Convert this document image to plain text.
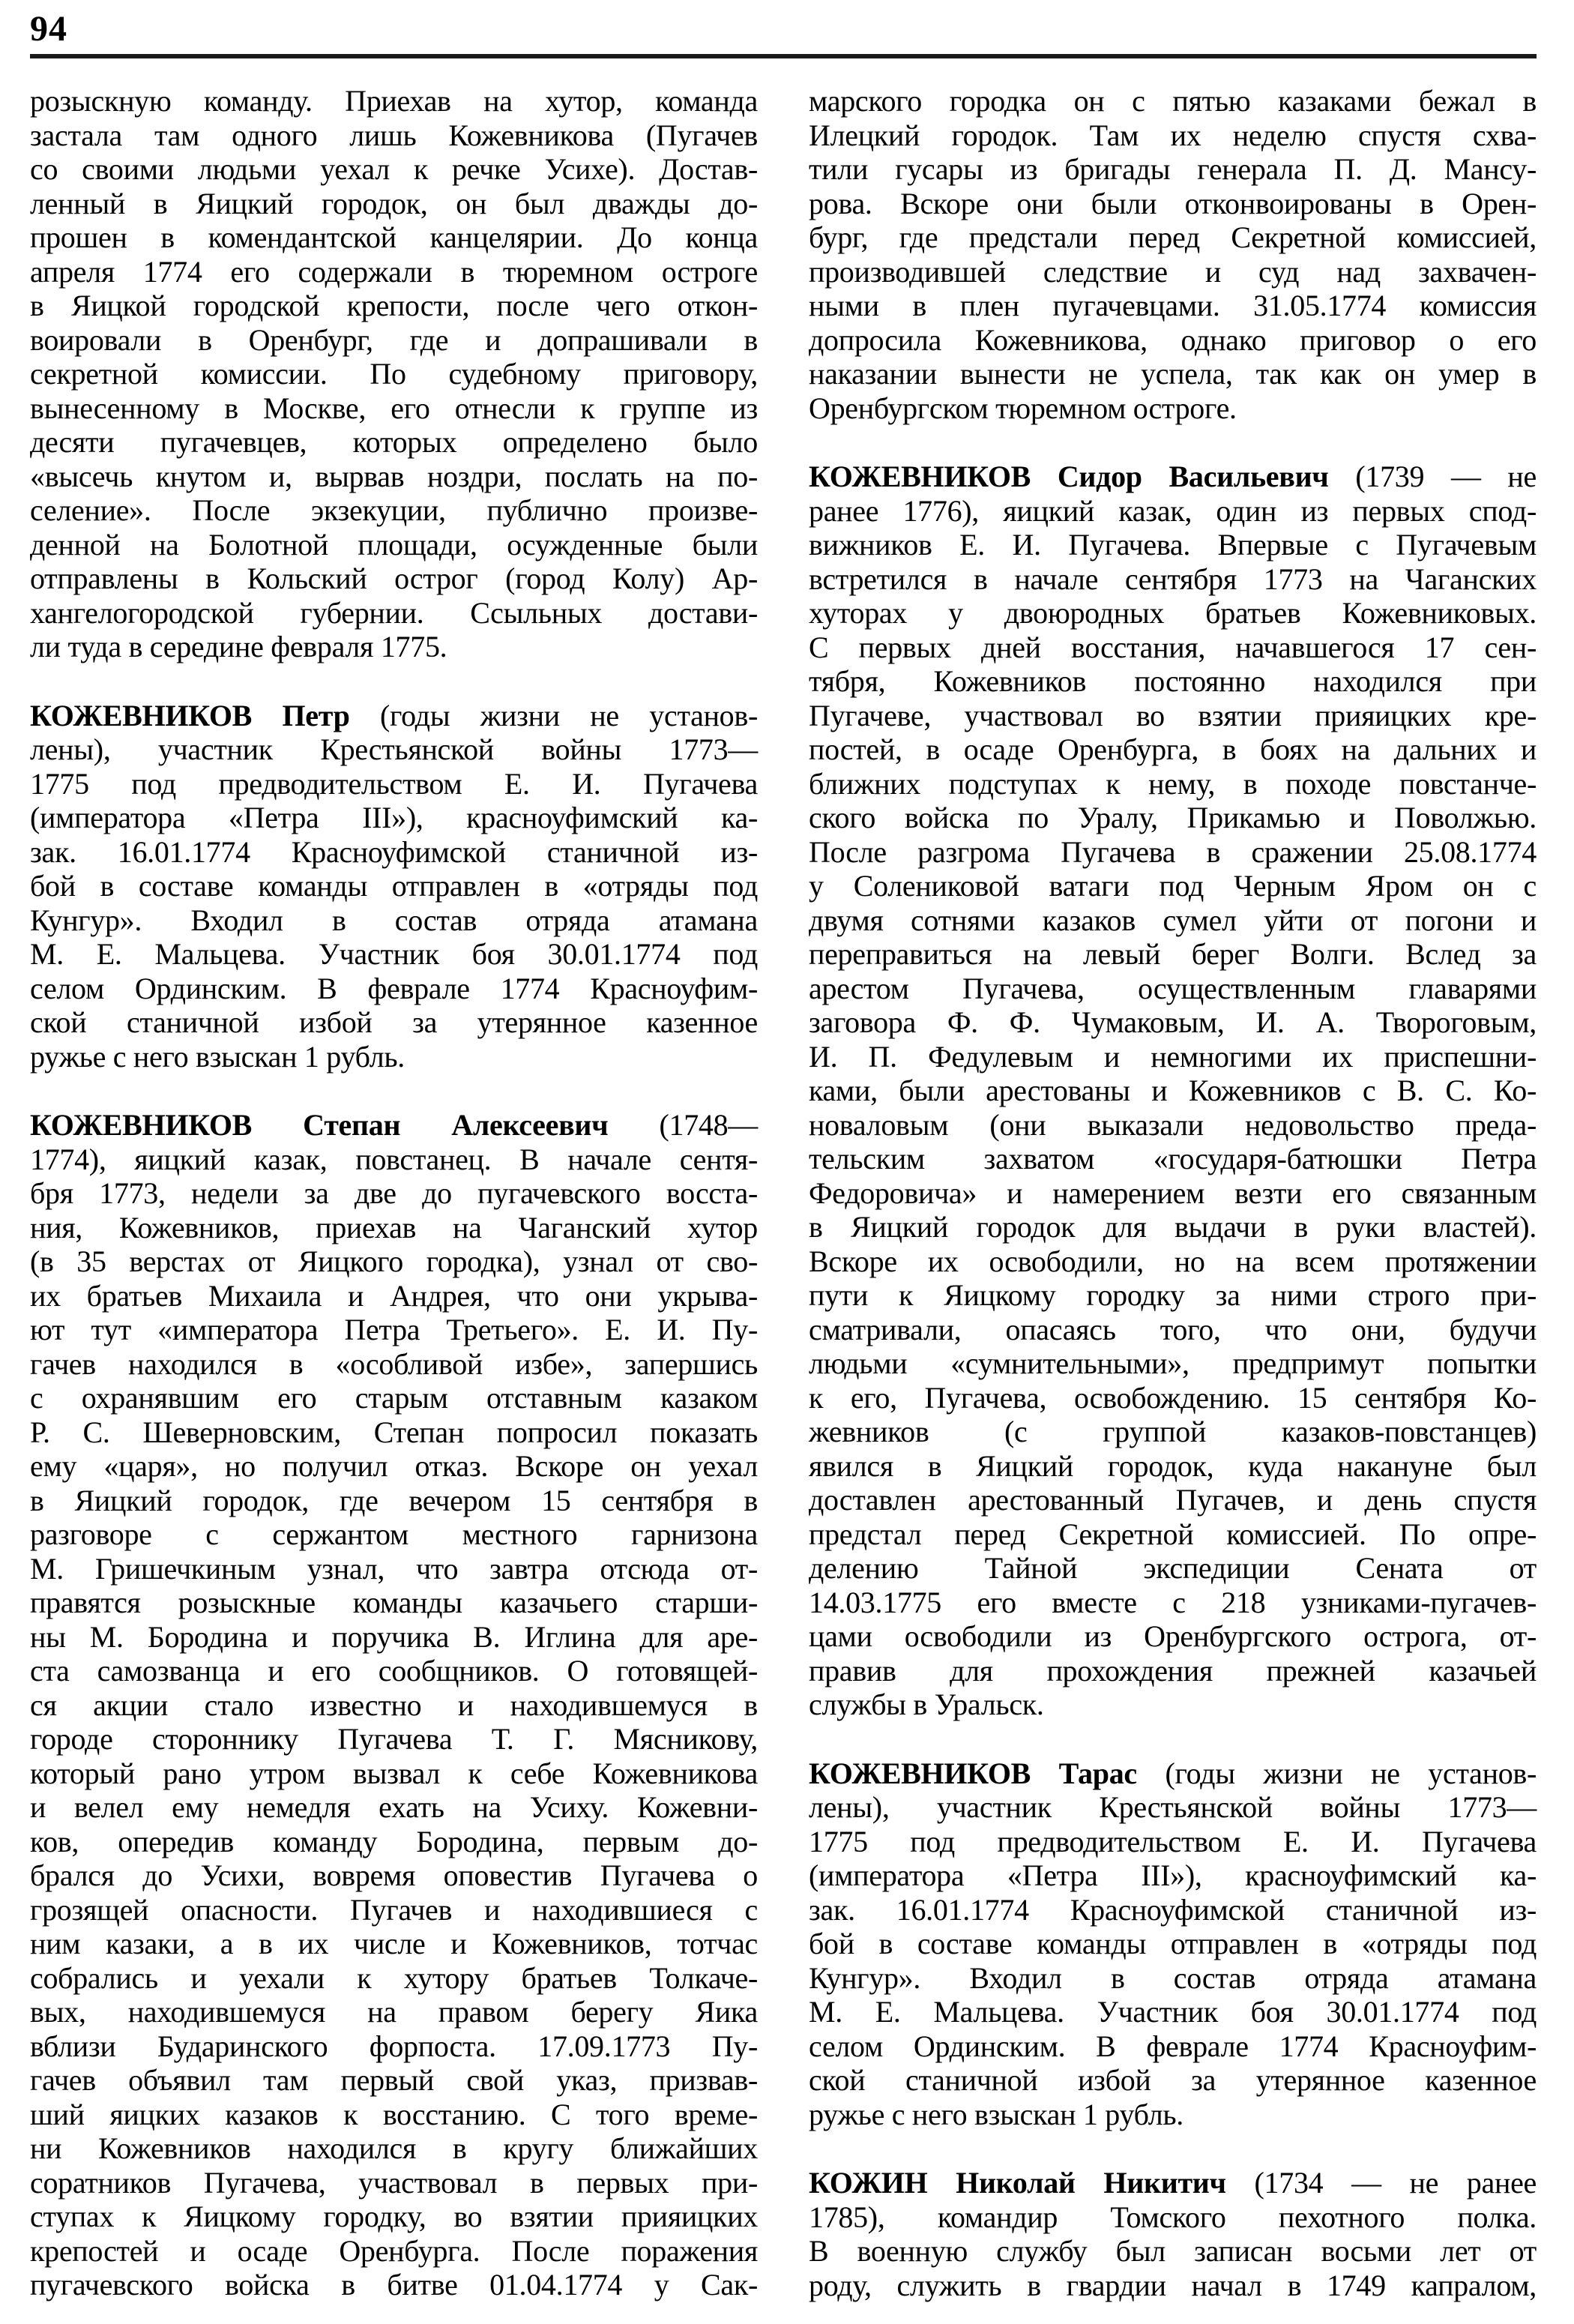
94
розыскную команду. Приехав на хутор, команда
застала там одного лишь Кожевникова (Пугачев
со своими людьми уехал к речке Усихе). Достав-
ленный в Яицкий городок, он был дважды до-
прошен в комендантской канцелярии. До конца
апреля 1774 его содержали в тюремном остроге
в Яицкой городской крепости, после чего откон-
воировали в Оренбург, где и допрашивали в
секретной комиссии. По судебному приговору,
вынесенному в Москве, его отнесли к группе из
десяти пугачевцев, которых определено было
«высечь кнутом и, вырвав ноздри, послать на по-
селение». После экзекуции, публично произве-
денной на Болотной площади, осужденные были
отправлены в Кольский острог (город Колу) Ар-
хангелогородской губернии. Ссыльных достави-
ли туда в середине февраля 1775.
КОЖЕВНИКОВ Петр (годы жизни не установ-
лены), участник Крестьянской войны 1773—
1775 под предводительством Е. И. Пугачева
(императора «Петра III»), красноуфимский ка-
зак. 16.01.1774 Красноуфимской станичной из-
бой в составе команды отправлен в «отряды под
Кунгур». Входил в состав отряда атамана
М. Е. Мальцева. Участник боя 30.01.1774 под
селом Ординским. В феврале 1774 Красноуфим-
ской станичной избой за утерянное казенное
ружье с него взыскан 1 рубль.
КОЖЕВНИКОВ Степан Алексеевич (1748—
1774), яицкий казак, повстанец. В начале сентя-
бря 1773, недели за две до пугачевского восста-
ния, Кожевников, приехав на Чаганский хутор
(в 35 верстах от Яицкого городка), узнал от сво-
их братьев Михаила и Андрея, что они укрыва-
ют тут «императора Петра Третьего». Е. И. Пу-
гачев находился в «особливой избе», запершись
с охранявшим его старым отставным казаком
Р. С. Шеверновским, Степан попросил показать
ему «царя», но получил отказ. Вскоре он уехал
в Яицкий городок, где вечером 15 сентября в
разговоре с сержантом местного гарнизона
М. Гришечкиным узнал, что завтра отсюда от-
правятся розыскные команды казачьего старши-
ны М. Бородина и поручика В. Иглина для аре-
ста самозванца и его сообщников. О готовящей-
ся акции стало известно и находившемуся в
городе стороннику Пугачева Т. Г. Мясникову,
который рано утром вызвал к себе Кожевникова
и велел ему немедля ехать на Усиху. Кожевни-
ков, опередив команду Бородина, первым до-
брался до Усихи, вовремя оповестив Пугачева о
грозящей опасности. Пугачев и находившиеся с
ним казаки, а в их числе и Кожевников, тотчас
собрались и уехали к хутору братьев Толкаче-
вых, находившемуся на правом берегу Яика
вблизи Бударинского форпоста. 17.09.1773 Пу-
гачев объявил там первый свой указ, призвав-
ший яицких казаков к восстанию. С того време-
ни Кожевников находился в кругу ближайших
соратников Пугачева, участвовал в первых при-
ступах к Яицкому городку, во взятии прияицких
крепостей и осаде Оренбурга. После поражения
пугачевского войска в битве 01.04.1774 у Сак-
марского городка он с пятью казаками бежал в
Илецкий городок. Там их неделю спустя схва-
тили гусары из бригады генерала П. Д. Мансу-
рова. Вскоре они были отконвоированы в Орен-
бург, где предстали перед Секретной комиссией,
производившей следствие и суд над захвачен-
ными в плен пугачевцами. 31.05.1774 комиссия
допросила Кожевникова, однако приговор о его
наказании вынести не успела, так как он умер в
Оренбургском тюремном остроге.
КОЖЕВНИКОВ Сидор Васильевич (1739 — не
ранее 1776), яицкий казак, один из первых спод-
вижников Е. И. Пугачева. Впервые с Пугачевым
встретился в начале сентября 1773 на Чаганских
хуторах у двоюродных братьев Кожевниковых.
С первых дней восстания, начавшегося 17 сен-
тября, Кожевников постоянно находился при
Пугачеве, участвовал во взятии прияицких кре-
постей, в осаде Оренбурга, в боях на дальних и
ближних подступах к нему, в походе повстанче-
ского войска по Уралу, Прикамью и Поволжью.
После разгрома Пугачева в сражении 25.08.1774
у Солениковой ватаги под Черным Яром он с
двумя сотнями казаков сумел уйти от погони и
переправиться на левый берег Волги. Вслед за
арестом Пугачева, осуществленным главарями
заговора Ф. Ф. Чумаковым, И. А. Твороговым,
И. П. Федулевым и немногими их приспешни-
ками, были арестованы и Кожевников с В. С. Ко-
новаловым (они выказали недовольство преда-
тельским захватом «государя-батюшки Петра
Федоровича» и намерением везти его связанным
в Яицкий городок для выдачи в руки властей).
Вскоре их освободили, но на всем протяжении
пути к Яицкому городку за ними строго при-
сматривали, опасаясь того, что они, будучи
людьми «сумнительными», предпримут попытки
к его, Пугачева, освобождению. 15 сентября Ко-
жевников (с группой казаков-повстанцев)
явился в Яицкий городок, куда накануне был
доставлен арестованный Пугачев, и день спустя
предстал перед Секретной комиссией. По опре-
делению Тайной экспедиции Сената от
14.03.1775 его вместе с 218 узниками-пугачев-
цами освободили из Оренбургского острога, от-
правив для прохождения прежней казачьей
службы в Уральск.
КОЖЕВНИКОВ Тарас (годы жизни не установ-
лены), участник Крестьянской войны 1773—
1775 под предводительством Е. И. Пугачева
(императора «Петра III»), красноуфимский ка-
зак. 16.01.1774 Красноуфимской станичной из-
бой в составе команды отправлен в «отряды под
Кунгур». Входил в состав отряда атамана
М. Е. Мальцева. Участник боя 30.01.1774 под
селом Ординским. В феврале 1774 Красноуфим-
ской станичной избой за утерянное казенное
ружье с него взыскан 1 рубль.
КОЖИН Николай Никитич (1734 — не ранее
1785), командир Томского пехотного полка.
В военную службу был записан восьми лет от
роду, служить в гвардии начал в 1749 капралом,
